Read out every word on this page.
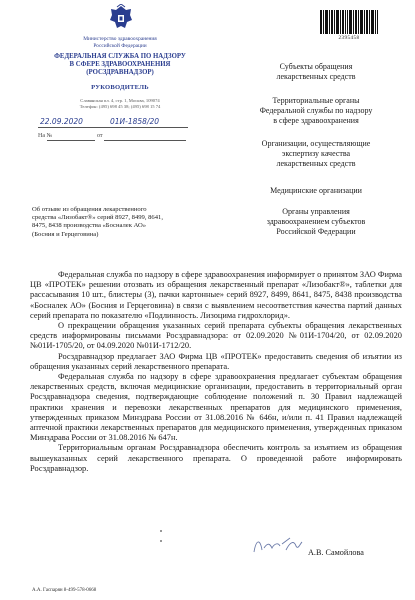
Министерство здравоохранения
Российской Федерации
ФЕДЕРАЛЬНАЯ СЛУЖБА ПО НАДЗОРУ
В СФЕРЕ ЗДРАВООХРАНЕНИЯ
(РОСЗДРАВНАДЗОР)
РУКОВОДИТЕЛЬ
Славянская пл. 4, стр. 1, Москва, 109074
Телефон: (495) 698 45 38; (495) 698 15 74
22.09.2020	01И-1858/20
На №	от
2395458
Субъекты обращения
лекарственных средств
Территориальные органы
Федеральной службы по надзору
в сфере здравоохранения
Организации, осуществляющие
экспертизу качества
лекарственных средств
Медицинские организации
Органы управления
здравоохранением субъектов
Российской Федерации
Об отзыве из обращения лекарственного
средства «Лизобакт®» серий 8927, 8499, 8641,
8475, 8438 производства «Босналек АО»
(Босния и Герцеговина)

Федеральная служба по надзору в сфере здравоохранения информирует о принятом ЗАО Фирма ЦВ «ПРОТЕК» решении отозвать из обращения лекарственный препарат «Лизобакт®», таблетки для рассасывания 10 шт., блистеры (3), пачки картонные» серий 8927, 8499, 8641, 8475, 8438 производства «Босналек АО» (Босния и Герцеговина) в связи с выявлением несоответствия качества партий данных серий препарата по показателю «Подлинность. Лизоцима гидрохлорид».

О прекращении обращения указанных серий препарата субъекты обращения лекарственных средств информированы письмами Росздравнадзора: от 02.09.2020 №01И-1704/20, от 02.09.2020 №01И-1705/20, от 04.09.2020 №01И-1712/20.

Росздравнадзор предлагает ЗАО Фирма ЦВ «ПРОТЕК» предоставить сведения об изъятии из обращения указанных серий лекарственного препарата.

Федеральная служба по надзору в сфере здравоохранения предлагает субъектам обращения лекарственных средств, включая медицинские организации, предоставить в территориальный орган Росздравнадзора сведения, подтверждающие соблюдение положений п. 30 Правил надлежащей практики хранения и перевозки лекарственных препаратов для медицинского применения, утвержденных приказом Минздрава России от 31.08.2016 № 646н, и/или п. 41 Правил надлежащей аптечной практики лекарственных препаратов для медицинского применения, утвержденных приказом Минздрава России от 31.08.2016 № 647н.

Территориальным органам Росздравнадзора обеспечить контроль за изъятием из обращения вышеуказанных серий лекарственного препарата. О проведенной работе информировать Росздравнадзор.

А.В. Самойлова
А.А. Гаспарян 8-499-578-0668
